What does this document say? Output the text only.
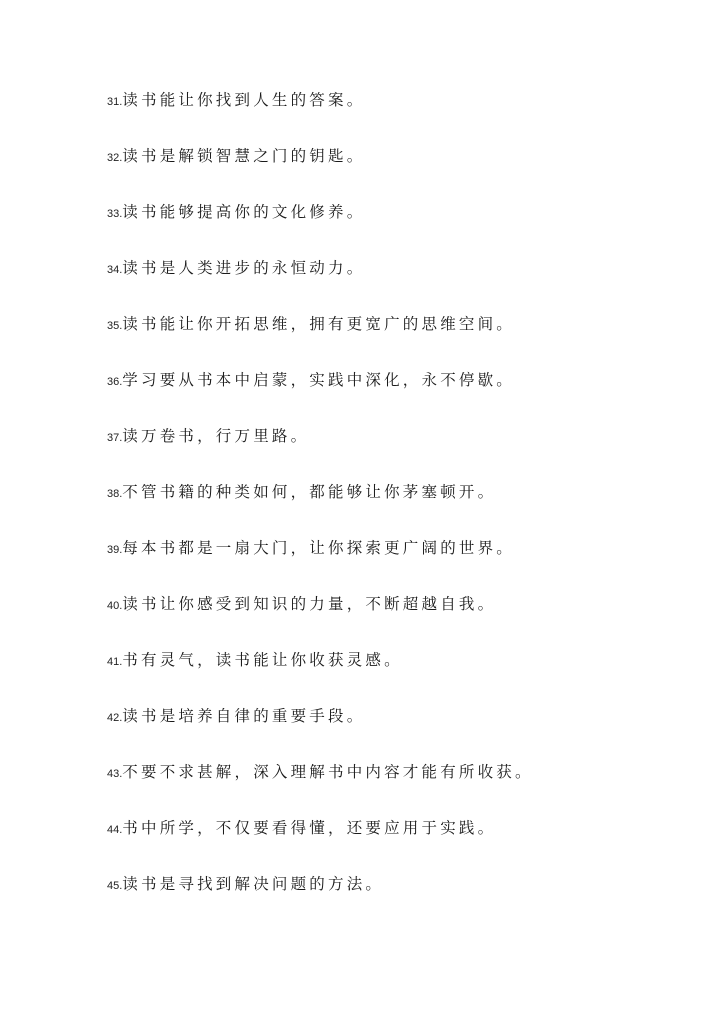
31. 读书能让你找到人生的答案。
32. 读书是解锁智慧之门的钥匙。
33. 读书能够提高你的文化修养。
34. 读书是人类进步的永恒动力。
35. 读书能让你开拓思维，拥有更宽广的思维空间。
36. 学习要从书本中启蒙，实践中深化，永不停歇。
37. 读万卷书，行万里路。
38. 不管书籍的种类如何，都能够让你茅塞顿开。
39. 每本书都是一扇大门，让你探索更广阔的世界。
40. 读书让你感受到知识的力量，不断超越自我。
41. 书有灵气，读书能让你收获灵感。
42. 读书是培养自律的重要手段。
43. 不要不求甚解，深入理解书中内容才能有所收获。
44. 书中所学，不仅要看得懂，还要应用于实践。
45. 读书是寻找到解决问题的方法。
